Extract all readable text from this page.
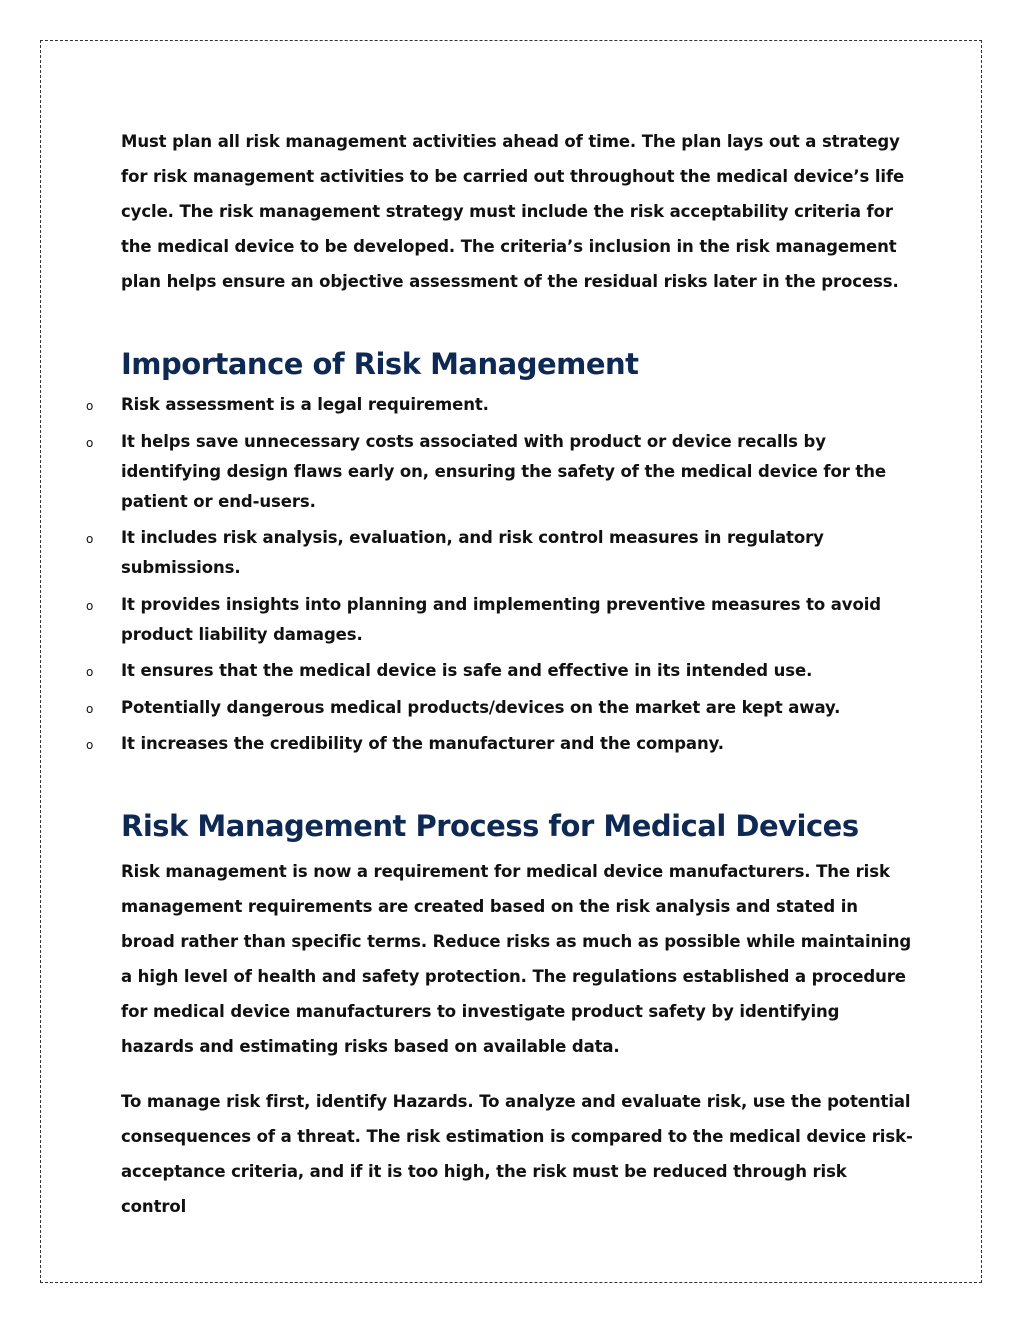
Must plan all risk management activities ahead of time. The plan lays out a strategy for risk management activities to be carried out throughout the medical device’s life cycle. The risk management strategy must include the risk acceptability criteria for the medical device to be developed. The criteria’s inclusion in the risk management plan helps ensure an objective assessment of the residual risks later in the process.

Importance of Risk Management
o	Risk assessment is a legal requirement.
o	It helps save unnecessary costs associated with product or device recalls by identifying design flaws early on, ensuring the safety of the medical device for the patient or end-users.
o	It includes risk analysis, evaluation, and risk control measures in regulatory submissions.
o	It provides insights into planning and implementing preventive measures to avoid product liability damages.
o	It ensures that the medical device is safe and effective in its intended use.
o	Potentially dangerous medical products/devices on the market are kept away.
o	It increases the credibility of the manufacturer and the company.
Risk Management Process for Medical Devices

Risk management is now a requirement for medical device manufacturers. The risk management requirements are created based on the risk analysis and stated in broad rather than specific terms. Reduce risks as much as possible while maintaining a high level of health and safety protection. The regulations established a procedure for medical device manufacturers to investigate product safety by identifying hazards and estimating risks based on available data.

To manage risk first, identify Hazards. To analyze and evaluate risk, use the potential consequences of a threat. The risk estimation is compared to the medical device risk-acceptance criteria, and if it is too high, the risk must be reduced through risk control
